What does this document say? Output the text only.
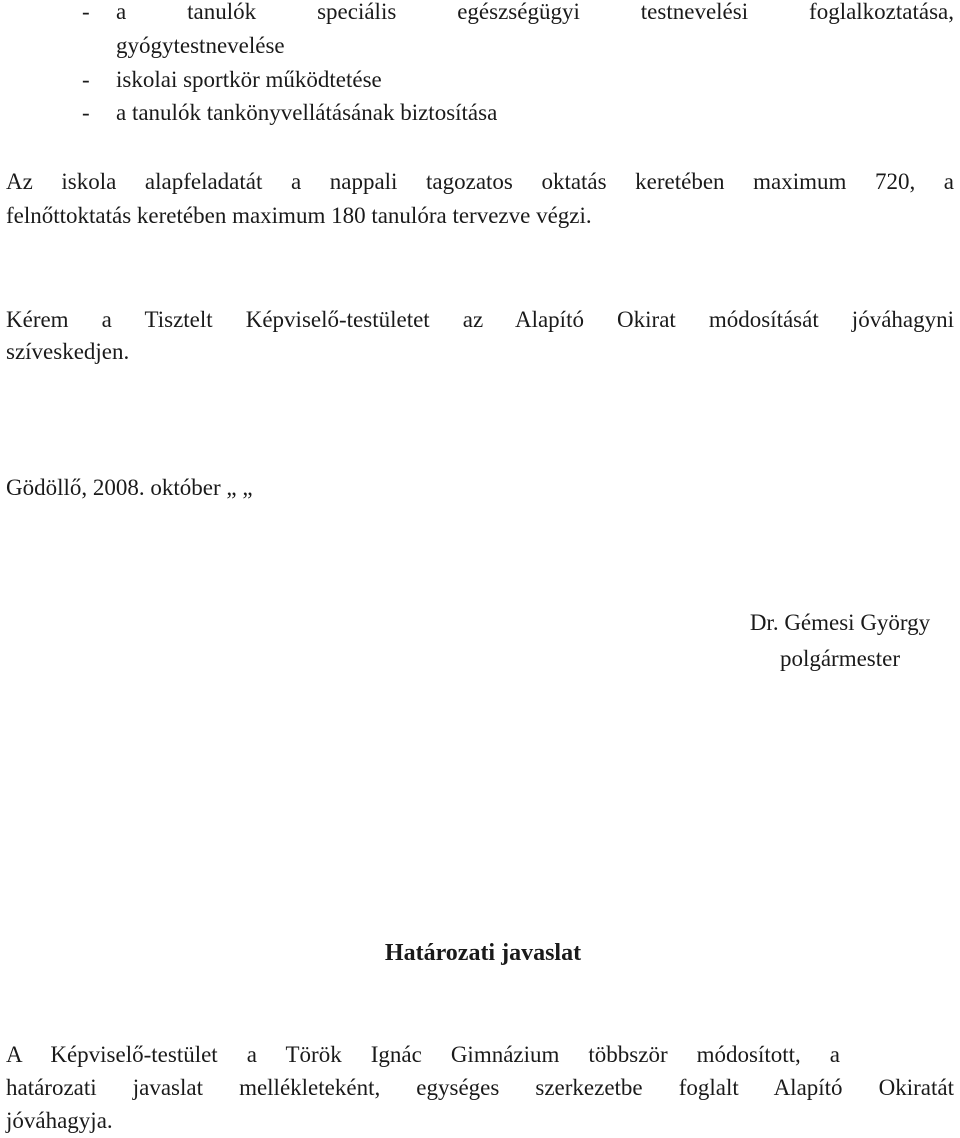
- a tanulók speciális egészségügyi testnevelési foglalkoztatása,
gyógytestnevelése
- iskolai sportkör működtetése
- a tanulók tankönyvellátásának biztosítása
Az iskola alapfeladatát a nappali tagozatos oktatás keretében maximum 720, a
felnőttoktatás keretében maximum 180 tanulóra tervezve végzi.
Kérem a Tisztelt Képviselő-testületet az Alapító Okirat módosítását jóváhagyni
szíveskedjen.
Gödöllő, 2008. október „ „
Dr. Gémesi György
polgármester
Határozati javaslat
A Képviselő-testület a Török Ignác Gimnázium többször módosított, a
határozati javaslat mellékleteként, egységes szerkezetbe foglalt Alapító Okiratát
jóváhagyja.
